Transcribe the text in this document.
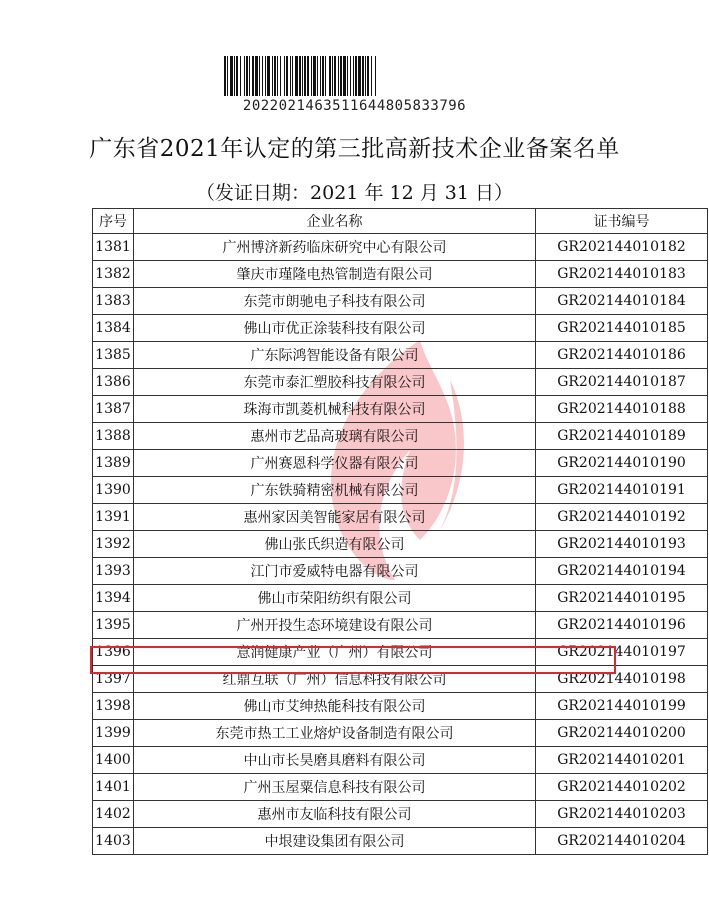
20220214635116448058337​96
广东省2021年认定的第三批高新技术企业备案名单
（发证日期：2021 年 12 月 31 日）
序号	企业名称	证书编号
1381	广州博济新药临床研究中心有限公司	GR202144010182
1382	肇庆市瑾隆电热管制造有限公司	GR202144010183
1383	东莞市朗驰电子科技有限公司	GR202144010184
1384	佛山市优正涂装科技有限公司	GR202144010185
1385	广东际鸿智能设备有限公司	GR202144010186
1386	东莞市泰汇塑胶科技有限公司	GR202144010187
1387	珠海市凯菱机械科技有限公司	GR202144010188
1388	惠州市艺品高玻璃有限公司	GR202144010189
1389	广州赛恩科学仪器有限公司	GR202144010190
1390	广东铁骑精密机械有限公司	GR202144010191
1391	惠州家因美智能家居有限公司	GR202144010192
1392	佛山张氏织造有限公司	GR202144010193
1393	江门市爱威特电器有限公司	GR202144010194
1394	佛山市荣阳纺织有限公司	GR202144010195
1395	广州开投生态环境建设有限公司	GR202144010196
1396	意润健康产业（广州）有限公司	GR202144010197
1397	红鼎互联（广州）信息科技有限公司	GR202144010198
1398	佛山市艾绅热能科技有限公司	GR202144010199
1399	东莞市热工工业熔炉设备制造有限公司	GR202144010200
1400	中山市长昊磨具磨料有限公司	GR202144010201
1401	广州玉屋粟信息科技有限公司	GR202144010202
1402	惠州市友临科技有限公司	GR202144010203
1403	中垠建设集团有限公司	GR202144010204
